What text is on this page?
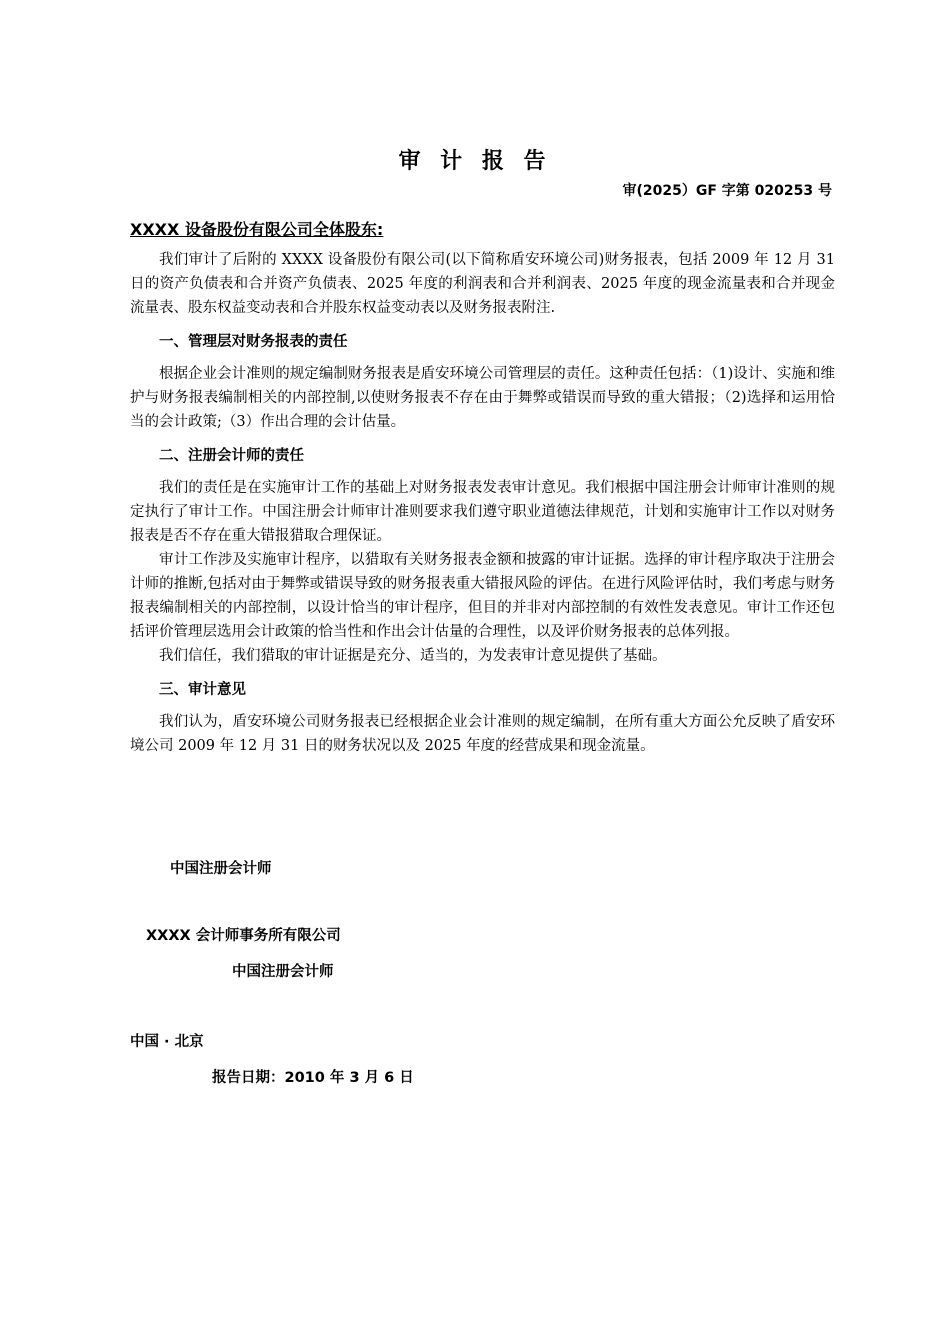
审 计 报 告
审(2025）GF 字第 020253 号
XXXX 设备股份有限公司全体股东:

我们审计了后附的 XXXX 设备股份有限公司(以下简称盾安环境公司)财务报表，包括 2009 年 12 月 31 日的资产负债表和合并资产负债表、2025 年度的利润表和合并利润表、2025 年度的现金流量表和合并现金流量表、股东权益变动表和合并股东权益变动表以及财务报表附注.

一、管理层对财务报表的责任

根据企业会计准则的规定编制财务报表是盾安环境公司管理层的责任。这种责任包括：（1)设计、实施和维护与财务报表编制相关的内部控制,以使财务报表不存在由于舞弊或错误而导致的重大错报；（2)选择和运用恰当的会计政策;（3）作出合理的会计估量。

二、注册会计师的责任

我们的责任是在实施审计工作的基础上对财务报表发表审计意见。我们根据中国注册会计师审计准则的规定执行了审计工作。中国注册会计师审计准则要求我们遵守职业道德法律规范，计划和实施审计工作以对财务报表是否不存在重大错报猎取合理保证。

审计工作涉及实施审计程序，以猎取有关财务报表金额和披露的审计证据。选择的审计程序取决于注册会计师的推断,包括对由于舞弊或错误导致的财务报表重大错报风险的评估。在进行风险评估时，我们考虑与财务报表编制相关的内部控制，以设计恰当的审计程序，但目的并非对内部控制的有效性发表意见。审计工作还包括评价管理层选用会计政策的恰当性和作出会计估量的合理性，以及评价财务报表的总体列报。

我们信任，我们猎取的审计证据是充分、适当的，为发表审计意见提供了基础。

三、审计意见

我们认为，盾安环境公司财务报表已经根据企业会计准则的规定编制，在所有重大方面公允反映了盾安环境公司 2009 年 12 月 31 日的财务状况以及 2025 年度的经营成果和现金流量。

中国注册会计师
XXXX 会计师事务所有限公司
中国注册会计师
中国 · 北京
报告日期：2010 年 3 月 6 日
